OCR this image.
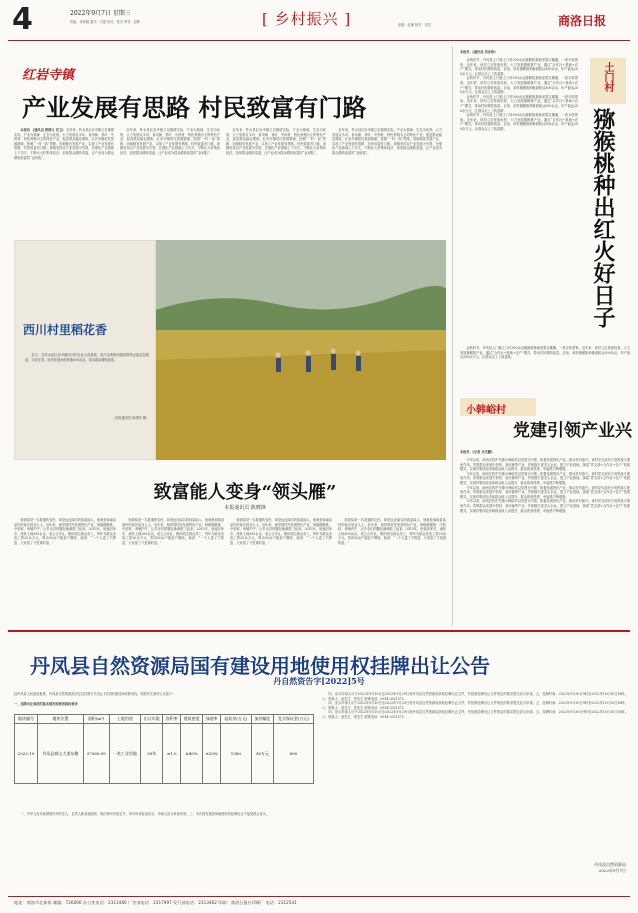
4	2022年9月7日 星期三
责编：李伟娟 版式：方建 校对：张芳 审签：赵辉	[ 乡村振兴 ]	组版：赵谦 校对：宋杰	商洛日报
红岩寺镇
产业发展有思路 村民致富有门路

本报讯 《通讯员 黄晓文 肖卫》 近年来，柞水县红岩寺镇立足镇情实际，产业为基础、生态为优势，大力发展以木耳、食用菌、茶叶、中药材、特色养殖为主的特色产业，促进群众稳定增收。红岩寺镇依托资源禀赋，按照“一村一品”思路，因地制宜发展产业，实现了产业发展有思路，村民致富有门路。该镇坚持以产业发展为引领，在强化产业基础上下功夫，不断壮大村集体经济，拓宽群众增收渠道，让产业成为群众增收致富的“金钥匙”。

近年来，柞水县红岩寺镇立足镇情实际，产业为基础、生态为优势，大力发展以木耳、食用菌、茶叶、中药材、特色养殖为主的特色产业，促进群众稳定增收。红岩寺镇依托资源禀赋，按照“一村一品”思路，因地制宜发展产业，实现了产业发展有思路，村民致富有门路。该镇坚持以产业发展为引领，在强化产业基础上下功夫，不断壮大村集体经济，拓宽群众增收渠道，让产业成为群众增收致富的“金钥匙”。

近年来，柞水县红岩寺镇立足镇情实际，产业为基础、生态为优势，大力发展以木耳、食用菌、茶叶、中药材、特色养殖为主的特色产业，促进群众稳定增收。红岩寺镇依托资源禀赋，按照“一村一品”思路，因地制宜发展产业，实现了产业发展有思路，村民致富有门路。该镇坚持以产业发展为引领，在强化产业基础上下功夫，不断壮大村集体经济，拓宽群众增收渠道，让产业成为群众增收致富的“金钥匙”。

近年来，柞水县红岩寺镇立足镇情实际，产业为基础、生态为优势，大力发展以木耳、食用菌、茶叶、中药材、特色养殖为主的特色产业，促进群众稳定增收。红岩寺镇依托资源禀赋，按照“一村一品”思路，因地制宜发展产业，实现了产业发展有思路，村民致富有门路。该镇坚持以产业发展为引领，在强化产业基础上下功夫，不断壮大村集体经济，拓宽群众增收渠道，让产业成为群众增收致富的“金钥匙”。

西川村里稻花香

近日，在柞水县红岩寺镇西川村农业示范基地，成片金黄稻田随着微风泛起层层稻浪，丰收在望。该村发展水稻种植500余亩，带动群众增收致富。

（本报通讯员 杨建军 摄）
致富能人变身“领头雁”
本报通讯员 陈晓锋

他看似是一名普通的农民，却是远近闻名的致富能人，他就是商南县某村的返乡创业人士。近年来，他带领村民发展特色产业，种植猕猴桃、中药材，养殖肉牛，让乡亲们的腰包渐渐鼓了起来。2015年，他返回家乡，流转土地300余亩，成立合作社，吸纳周边群众务工，每年为群众发放工资20余万元，带动50余户脱贫户增收。他说：“一个人富了不算富，大家富了才是真的富。”

他看似是一名普通的农民，却是远近闻名的致富能人，他就是商南县某村的返乡创业人士。近年来，他带领村民发展特色产业，种植猕猴桃、中药材，养殖肉牛，让乡亲们的腰包渐渐鼓了起来。2015年，他返回家乡，流转土地300余亩，成立合作社，吸纳周边群众务工，每年为群众发放工资20余万元，带动50余户脱贫户增收。他说：“一个人富了不算富，大家富了才是真的富。”

他看似是一名普通的农民，却是远近闻名的致富能人，他就是商南县某村的返乡创业人士。近年来，他带领村民发展特色产业，种植猕猴桃、中药材，养殖肉牛，让乡亲们的腰包渐渐鼓了起来。2015年，他返回家乡，流转土地300余亩，成立合作社，吸纳周边群众务工，每年为群众发放工资20余万元，带动50余户脱贫户增收。他说：“一个人富了不算富，大家富了才是真的富。”

他看似是一名普通的农民，却是远近闻名的致富能人，他就是商南县某村的返乡创业人士。近年来，他带领村民发展特色产业，种植猕猴桃、中药材，养殖肉牛，让乡亲们的腰包渐渐鼓了起来。2015年，他返回家乡，流转土地300余亩，成立合作社，吸纳周边群众务工，每年为群众发放工资20余万元，带动50余户脱贫户增收。他说：“一个人富了不算富，大家富了才是真的富。”

土门村
猕猴桃种出红火好日子
本报讯 《通讯员 刘冰泽》

金秋时节，丹凤县土门镇土门村300余亩猕猴桃基地里果实累累，一派丰收景象。近年来，该村立足资源优势，大力发展猕猴桃产业，通过“合作社+基地+农户”模式，带动村民增收致富。目前，该村猕猴桃种植面积达300余亩，年产值达200余万元，让群众走上了致富路。

金秋时节，丹凤县土门镇土门村300余亩猕猴桃基地里果实累累，一派丰收景象。近年来，该村立足资源优势，大力发展猕猴桃产业，通过“合作社+基地+农户”模式，带动村民增收致富。目前，该村猕猴桃种植面积达300余亩，年产值达200余万元，让群众走上了致富路。

金秋时节，丹凤县土门镇土门村300余亩猕猴桃基地里果实累累，一派丰收景象。近年来，该村立足资源优势，大力发展猕猴桃产业，通过“合作社+基地+农户”模式，带动村民增收致富。目前，该村猕猴桃种植面积达300余亩，年产值达200余万元，让群众走上了致富路。

金秋时节，丹凤县土门镇土门村300余亩猕猴桃基地里果实累累，一派丰收景象。近年来，该村立足资源优势，大力发展猕猴桃产业，通过“合作社+基地+农户”模式，带动村民增收致富。目前，该村猕猴桃种植面积达300余亩，年产值达200余万元，让群众走上了致富路。

金秋时节，丹凤县土门镇土门村300余亩猕猴桃基地里果实累累，一派丰收景象。近年来，该村立足资源优势，大力发展猕猴桃产业，通过“合作社+基地+农户”模式，带动村民增收致富。目前，该村猕猴桃种植面积达300余亩，年产值达200余万元，让群众走上了致富路。

小韩峪村
党建引领产业兴
本报讯 《记者 吕杰鹏》

今年以来，商州区牧护关镇小韩峪村以党建为引领，积极发展特色产业，推动乡村振兴。该村党支部充分发挥战斗堡垒作用，带领群众发展中药材、食用菌等产业，并积极引进龙头企业，建立产业基地，探索“党支部+合作社+农户”发展模式，实现村集体经济和群众收入双提升，群众的获得感、幸福感不断增强。

今年以来，商州区牧护关镇小韩峪村以党建为引领，积极发展特色产业，推动乡村振兴。该村党支部充分发挥战斗堡垒作用，带领群众发展中药材、食用菌等产业，并积极引进龙头企业，建立产业基地，探索“党支部+合作社+农户”发展模式，实现村集体经济和群众收入双提升，群众的获得感、幸福感不断增强。

今年以来，商州区牧护关镇小韩峪村以党建为引领，积极发展特色产业，推动乡村振兴。该村党支部充分发挥战斗堡垒作用，带领群众发展中药材、食用菌等产业，并积极引进龙头企业，建立产业基地，探索“党支部+合作社+农户”发展模式，实现村集体经济和群众收入双提升，群众的获得感、幸福感不断增强。

今年以来，商州区牧护关镇小韩峪村以党建为引领，积极发展特色产业，推动乡村振兴。该村党支部充分发挥战斗堡垒作用，带领群众发展中药材、食用菌等产业，并积极引进龙头企业，建立产业基地，探索“党支部+合作社+农户”发展模式，实现村集体经济和群众收入双提升，群众的获得感、幸福感不断增强。

丹凤县自然资源局国有建设用地使用权挂牌出让公告
丹自然资告字[2022]5号
经丹凤县人民政府批准，丹凤县自然资源局决定以挂牌方式出让1宗国有建设用地使用权。现将有关事项公告如下：
一、挂牌出让地块的基本情况和规划指标要求
地块编号	地块位置	面积(m²)	土地用途	出让年限	容积率	建筑密度	绿地率	起始价(万元)	加价幅度	竞买保证金(万元)
2022-19	丹凤县商山大道东侧	37560.89	一类工业用地	50年	≥1.0	≥40%	≤20%	1380	38万元	690

二、中华人民共和国境内外的法人、自然人和其他组织，除法律另有规定外，均可申请参加竞买，申请人应当单独申请。三、本次国有建设用地使用权挂牌出让不接受联合竞买。

四、竞买申请人可于2022年9月10日至2022年9月29日到丹凤县自然资源局获取挂牌出让文件，并按照挂牌出让文件规定的要求提交竞买申请。五、挂牌时间：2022年9月30日9时至2022年10月10日16时。六、联系人：赵先生、张先生 联系电话：0914-3321572

四、竞买申请人可于2022年9月10日至2022年9月29日到丹凤县自然资源局获取挂牌出让文件，并按照挂牌出让文件规定的要求提交竞买申请。五、挂牌时间：2022年9月30日9时至2022年10月10日16时。六、联系人：赵先生、张先生 联系电话：0914-3321572

四、竞买申请人可于2022年9月10日至2022年9月29日到丹凤县自然资源局获取挂牌出让文件，并按照挂牌出让文件规定的要求提交竞买申请。五、挂牌时间：2022年9月30日9时至2022年10月10日16时。六、联系人：赵先生、张先生 联系电话：0914-3321572

丹凤县自然资源局
2022年9月7日
地址：商洛市北新街 邮编：726000 办公室电话：2313480 广告部电话：2317997 发行部电话：2313482 印刷：商洛日报社印刷厂 电话：2312541
